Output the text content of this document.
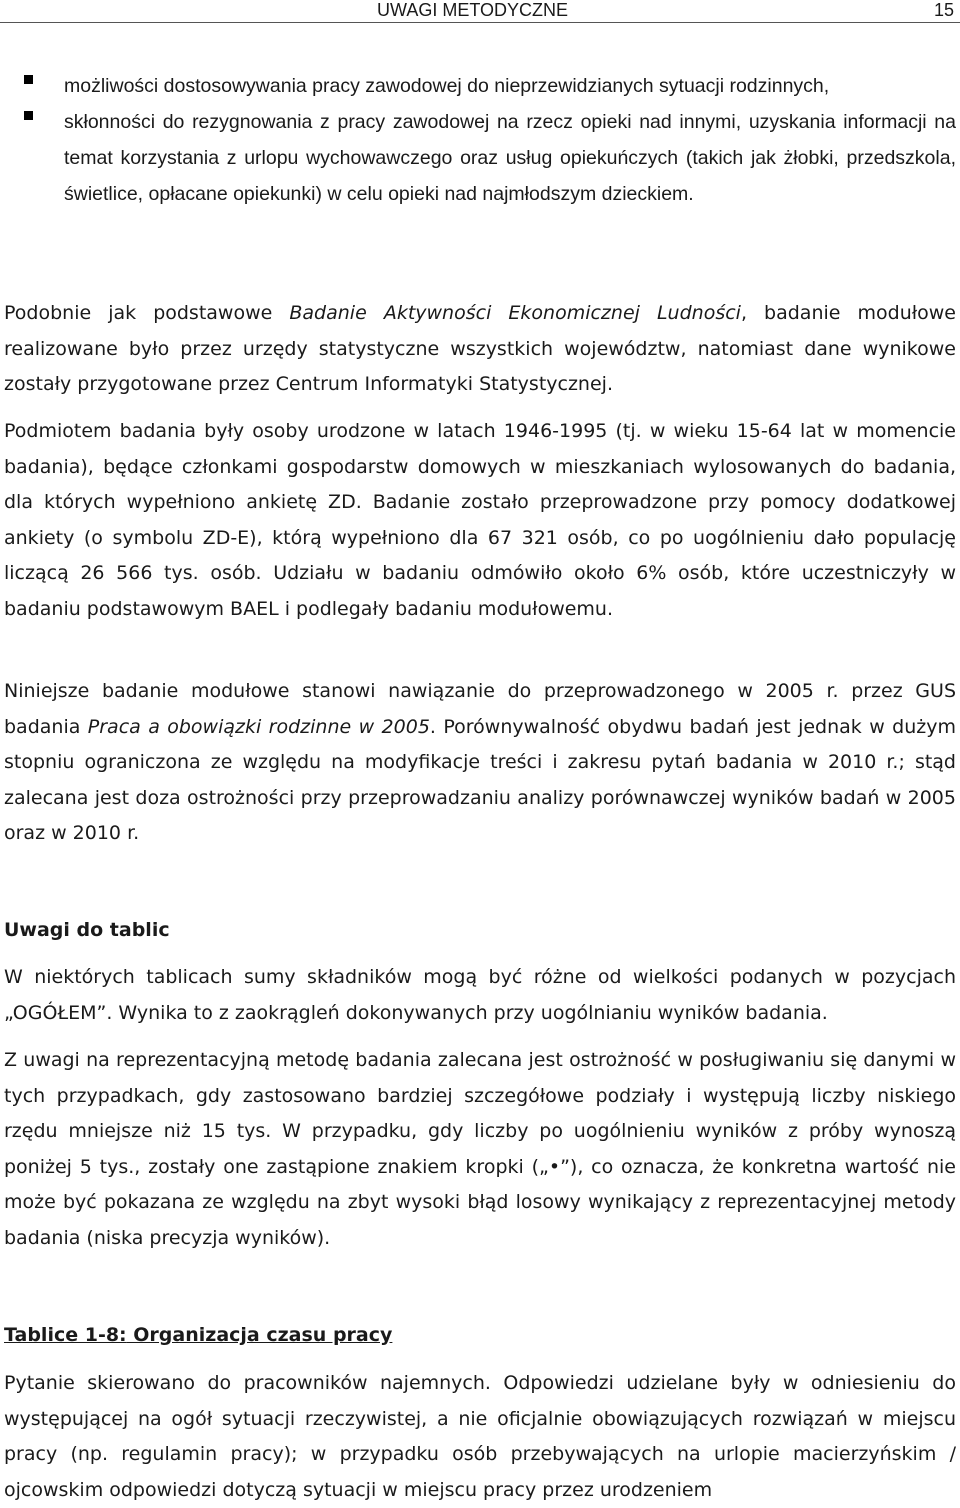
UWAGI METODYCZNE	15
możliwości dostosowywania pracy zawodowej do nieprzewidzianych sytuacji rodzinnych,
skłonności do rezygnowania z pracy zawodowej na rzecz opieki nad innymi, uzyskania informacji na temat korzystania z urlopu wychowawczego oraz usług opiekuńczych (takich jak żłobki, przedszkola, świetlice, opłacane opiekunki) w celu opieki nad najmłodszym dzieckiem.

Podobnie jak podstawowe Badanie Aktywności Ekonomicznej Ludności, badanie modułowe realizowane było przez urzędy statystyczne wszystkich województw, natomiast dane wynikowe zostały przygotowane przez Centrum Informatyki Statystycznej.

Podmiotem badania były osoby urodzone w latach 1946-1995 (tj. w wieku 15-64 lat w momencie badania), będące członkami gospodarstw domowych w mieszkaniach wylosowanych do badania, dla których wypełniono ankietę ZD. Badanie zostało przeprowadzone przy pomocy dodatkowej ankiety (o symbolu ZD-E), którą wypełniono dla 67 321 osób, co po uogólnieniu dało populację liczącą 26 566 tys. osób. Udziału w badaniu odmówiło około 6% osób, które uczestniczyły w badaniu podstawowym BAEL i podlegały badaniu modułowemu.

Niniejsze badanie modułowe stanowi nawiązanie do przeprowadzonego w 2005 r. przez GUS badania Praca a obowiązki rodzinne w 2005. Porównywalność obydwu badań jest jednak w dużym stopniu ograniczona ze względu na modyfikacje treści i zakresu pytań badania w 2010 r.; stąd zalecana jest doza ostrożności przy przeprowadzaniu analizy porównawczej wyników badań w 2005 oraz w 2010 r.

Uwagi do tablic

W niektórych tablicach sumy składników mogą być różne od wielkości podanych w pozycjach „OGÓŁEM”. Wynika to z zaokrągleń dokonywanych przy uogólnianiu wyników badania.

Z uwagi na reprezentacyjną metodę badania zalecana jest ostrożność w posługiwaniu się danymi w tych przypadkach, gdy zastosowano bardziej szczegółowe podziały i występują liczby niskiego rzędu mniejsze niż 15 tys. W przypadku, gdy liczby po uogólnieniu wyników z próby wynoszą poniżej 5 tys., zostały one zastąpione znakiem kropki („•”), co oznacza, że konkretna wartość nie może być pokazana ze względu na zbyt wysoki błąd losowy wynikający z reprezentacyjnej metody badania (niska precyzja wyników).

Tablice 1-8: Organizacja czasu pracy

Pytanie skierowano do pracowników najemnych. Odpowiedzi udzielane były w odniesieniu do występującej na ogół sytuacji rzeczywistej, a nie oficjalnie obowiązujących rozwiązań w miejscu pracy (np. regulamin pracy); w przypadku osób przebywających na urlopie macierzyńskim / ojcowskim odpowiedzi dotyczą sytuacji w miejscu pracy przez urodzeniem
